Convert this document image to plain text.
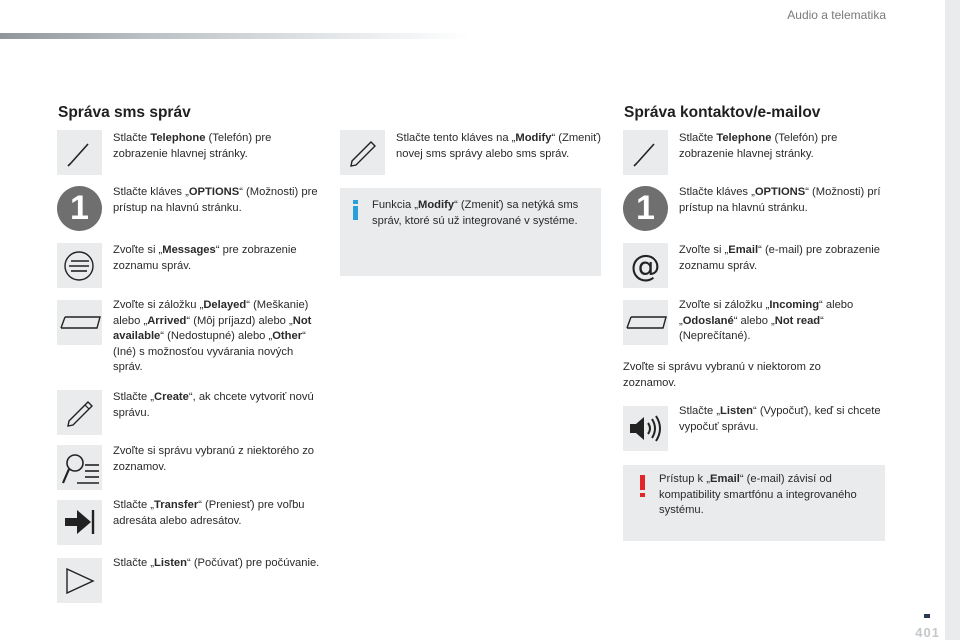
Audio a telematika
401
Správa sms správ
Stlačte Telephone (Telefón) pre zobrazenie hlavnej stránky.
1	Stlačte kláves „OPTIONS“ (Možnosti) pre prístup na hlavnú stránku.
Zvoľte si „Messages“ pre zobrazenie zoznamu správ.
Zvoľte si záložku „Delayed“ (Meškanie) alebo „Arrived“ (Môj príjazd) alebo „Not available“ (Nedostupné) alebo „Other“ (Iné) s možnosťou vyvárania nových správ.
Stlačte „Create“, ak chcete vytvoriť novú správu.
Zvoľte si správu vybranú z niektorého zo zoznamov.
Stlačte „Transfer“ (Preniesť) pre voľbu adresáta alebo adresátov.
Stlačte „Listen“ (Počúvať) pre počúvanie.
Stlačte tento kláves na „Modify“ (Zmeniť) novej sms správy alebo sms správ.
Funkcia „Modify“ (Zmeniť) sa netýká sms správ, ktoré sú už integrované v systéme.
Správa kontaktov/e-mailov
Stlačte Telephone (Telefón) pre zobrazenie hlavnej stránky.
1	Stlačte kláves „OPTIONS“ (Možnosti) prí prístup na hlavnú stránku.
@ Zvoľte si „Email“ (e-mail) pre zobrazenie zoznamu správ.
Zvoľte si záložku „Incoming“ alebo „Odoslané“ alebo „Not read“ (Neprečítané).
Zvoľte si správu vybranú v niektorom zo zoznamov.
Stlačte „Listen“ (Vypočuť), keď si chcete vypočuť správu.
Prístup k „Email“ (e-mail) závisí od kompatibility smartfónu a integrovaného systému.
